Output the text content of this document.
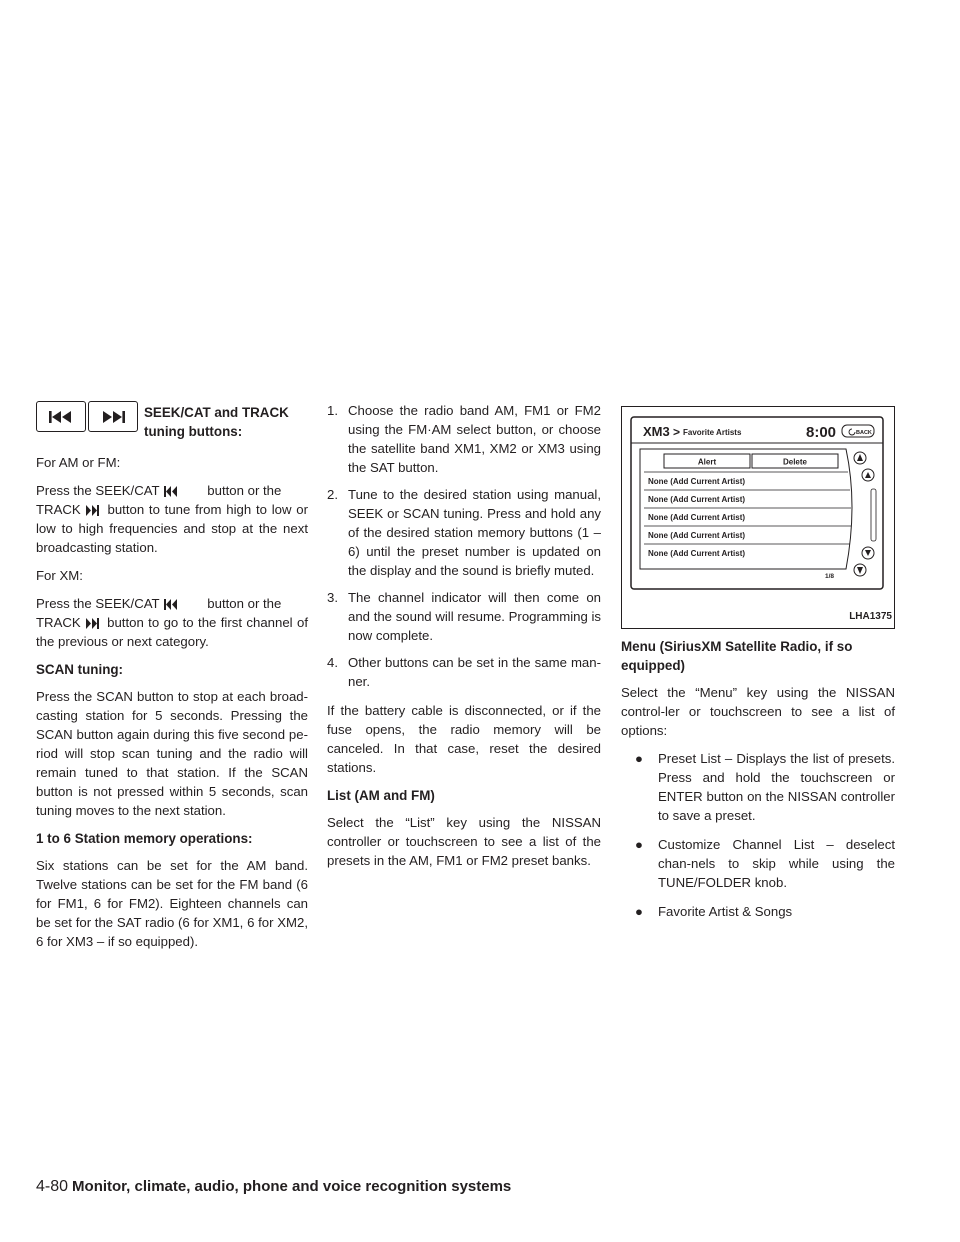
SEEK/CAT and TRACK
tuning buttons:

For AM or FM:

Press the SEEK/CAT	button or the
TRACK button to tune from high to low or low to high frequencies and stop at the next broadcasting station.

For XM:

Press the SEEK/CAT	button or the
TRACK button to go to the first channel of the previous or next category.

SCAN tuning:

Press the SCAN button to stop at each broad-casting station for 5 seconds. Pressing the SCAN button again during this five second pe-riod will stop scan tuning and the radio will remain tuned to that station. If the SCAN button is not pressed within 5 seconds, scan tuning moves to the next station.

1 to 6 Station memory operations:

Six stations can be set for the AM band. Twelve stations can be set for the FM band (6 for FM1, 6 for FM2). Eighteen channels can be set for the SAT radio (6 for XM1, 6 for XM2, 6 for XM3 – if so equipped).

1. Choose the radio band AM, FM1 or FM2 using the FM·AM select button, or choose the satellite band XM1, XM2 or XM3 using the SAT button.
2. Tune to the desired station using manual, SEEK or SCAN tuning. Press and hold any of the desired station memory buttons (1 – 6) until the preset number is updated on the display and the sound is briefly muted.
3. The channel indicator will then come on and the sound will resume. Programming is now complete.
4. Other buttons can be set in the same man-ner.

If the battery cable is disconnected, or if the fuse opens, the radio memory will be canceled. In that case, reset the desired stations.

List (AM and FM)

Select the “List” key using the NISSAN controller or touchscreen to see a list of the presets in the AM, FM1 or FM2 preset banks.

XM3 > Favorite Artists	8:00	BACK
Alert	Delete
None (Add Current Artist)
None (Add Current Artist)
None (Add Current Artist)
None (Add Current Artist)
None (Add Current Artist)
1/8
LHA1375
Menu (SiriusXM Satellite Radio, if so equipped)

Select the “Menu” key using the NISSAN control-ler or touchscreen to see a list of options:

● Preset List – Displays the list of presets. Press and hold the touchscreen or ENTER button on the NISSAN controller to save a preset.
● Customize Channel List – deselect chan-nels to skip while using the TUNE/FOLDER knob.
● Favorite Artist & Songs
4-80 Monitor, climate, audio, phone and voice recognition systems
